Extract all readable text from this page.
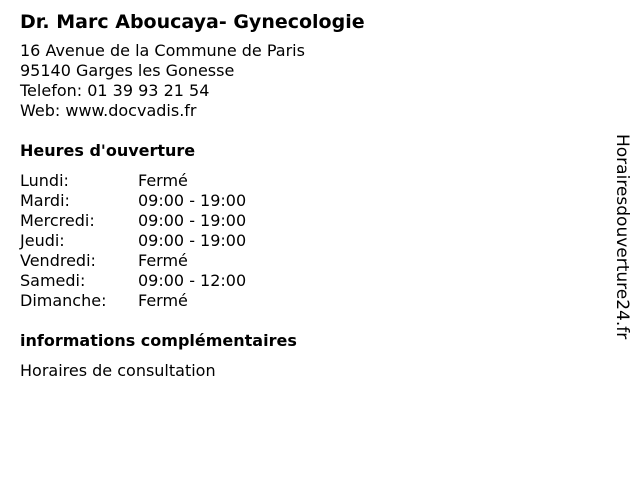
Dr. Marc Aboucaya- Gynecologie
16 Avenue de la Commune de Paris
95140 Garges les Gonesse
Telefon: 01 39 93 21 54
Web: www.docvadis.fr
Heures d'ouverture
Lundi:	Fermé
Mardi:	09:00 - 19:00
Mercredi:	09:00 - 19:00
Jeudi:	09:00 - 19:00
Vendredi:	Fermé
Samedi:	09:00 - 12:00
Dimanche:	Fermé
informations complémentaires
Horaires de consultation
Horairesdouverture24.fr
